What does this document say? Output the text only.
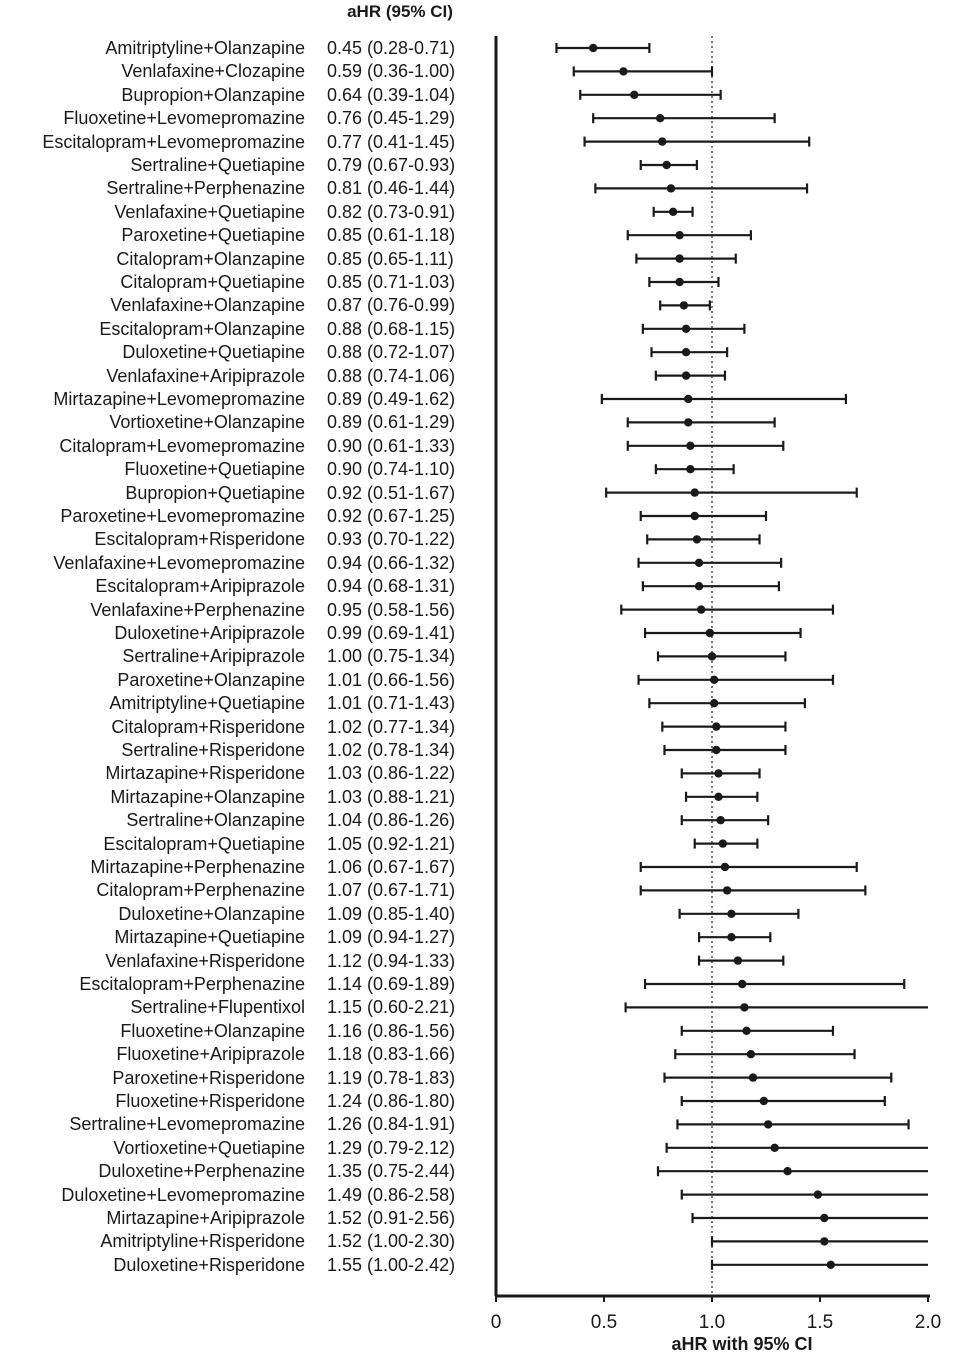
aHR (95% CI)
Amitriptyline+Olanzapine 0.45 (0.28-0.71)
Venlafaxine+Clozapine 0.59 (0.36-1.00)
Bupropion+Olanzapine 0.64 (0.39-1.04)
Fluoxetine+Levomepromazine 0.76 (0.45-1.29)
Escitalopram+Levomepromazine 0.77 (0.41-1.45)
Sertraline+Quetiapine 0.79 (0.67-0.93)
Sertraline+Perphenazine 0.81 (0.46-1.44)
Venlafaxine+Quetiapine 0.82 (0.73-0.91)
Paroxetine+Quetiapine 0.85 (0.61-1.18)
Citalopram+Olanzapine 0.85 (0.65-1.11)
Citalopram+Quetiapine 0.85 (0.71-1.03)
Venlafaxine+Olanzapine 0.87 (0.76-0.99)
Escitalopram+Olanzapine 0.88 (0.68-1.15)
Duloxetine+Quetiapine 0.88 (0.72-1.07)
Venlafaxine+Aripiprazole 0.88 (0.74-1.06)
Mirtazapine+Levomepromazine 0.89 (0.49-1.62)
Vortioxetine+Olanzapine 0.89 (0.61-1.29)
Citalopram+Levomepromazine 0.90 (0.61-1.33)
Fluoxetine+Quetiapine 0.90 (0.74-1.10)
Bupropion+Quetiapine 0.92 (0.51-1.67)
Paroxetine+Levomepromazine 0.92 (0.67-1.25)
Escitalopram+Risperidone 0.93 (0.70-1.22)
Venlafaxine+Levomepromazine 0.94 (0.66-1.32)
Escitalopram+Aripiprazole 0.94 (0.68-1.31)
Venlafaxine+Perphenazine 0.95 (0.58-1.56)
Duloxetine+Aripiprazole 0.99 (0.69-1.41)
Sertraline+Aripiprazole 1.00 (0.75-1.34)
Paroxetine+Olanzapine 1.01 (0.66-1.56)
Amitriptyline+Quetiapine 1.01 (0.71-1.43)
Citalopram+Risperidone 1.02 (0.77-1.34)
Sertraline+Risperidone 1.02 (0.78-1.34)
Mirtazapine+Risperidone 1.03 (0.86-1.22)
Mirtazapine+Olanzapine 1.03 (0.88-1.21)
Sertraline+Olanzapine 1.04 (0.86-1.26)
Escitalopram+Quetiapine 1.05 (0.92-1.21)
Mirtazapine+Perphenazine 1.06 (0.67-1.67)
Citalopram+Perphenazine 1.07 (0.67-1.71)
Duloxetine+Olanzapine 1.09 (0.85-1.40)
Mirtazapine+Quetiapine 1.09 (0.94-1.27)
Venlafaxine+Risperidone 1.12 (0.94-1.33)
Escitalopram+Perphenazine 1.14 (0.69-1.89)
Sertraline+Flupentixol 1.15 (0.60-2.21)
Fluoxetine+Olanzapine 1.16 (0.86-1.56)
Fluoxetine+Aripiprazole 1.18 (0.83-1.66)
Paroxetine+Risperidone 1.19 (0.78-1.83)
Fluoxetine+Risperidone 1.24 (0.86-1.80)
Sertraline+Levomepromazine 1.26 (0.84-1.91)
Vortioxetine+Quetiapine 1.29 (0.79-2.12)
Duloxetine+Perphenazine 1.35 (0.75-2.44)
Duloxetine+Levomepromazine 1.49 (0.86-2.58)
Mirtazapine+Aripiprazole 1.52 (0.91-2.56)
Amitriptyline+Risperidone 1.52 (1.00-2.30)
Duloxetine+Risperidone 1.55 (1.00-2.42)
0	0.5	1.0	1.5	2.0
aHR with 95% CI
